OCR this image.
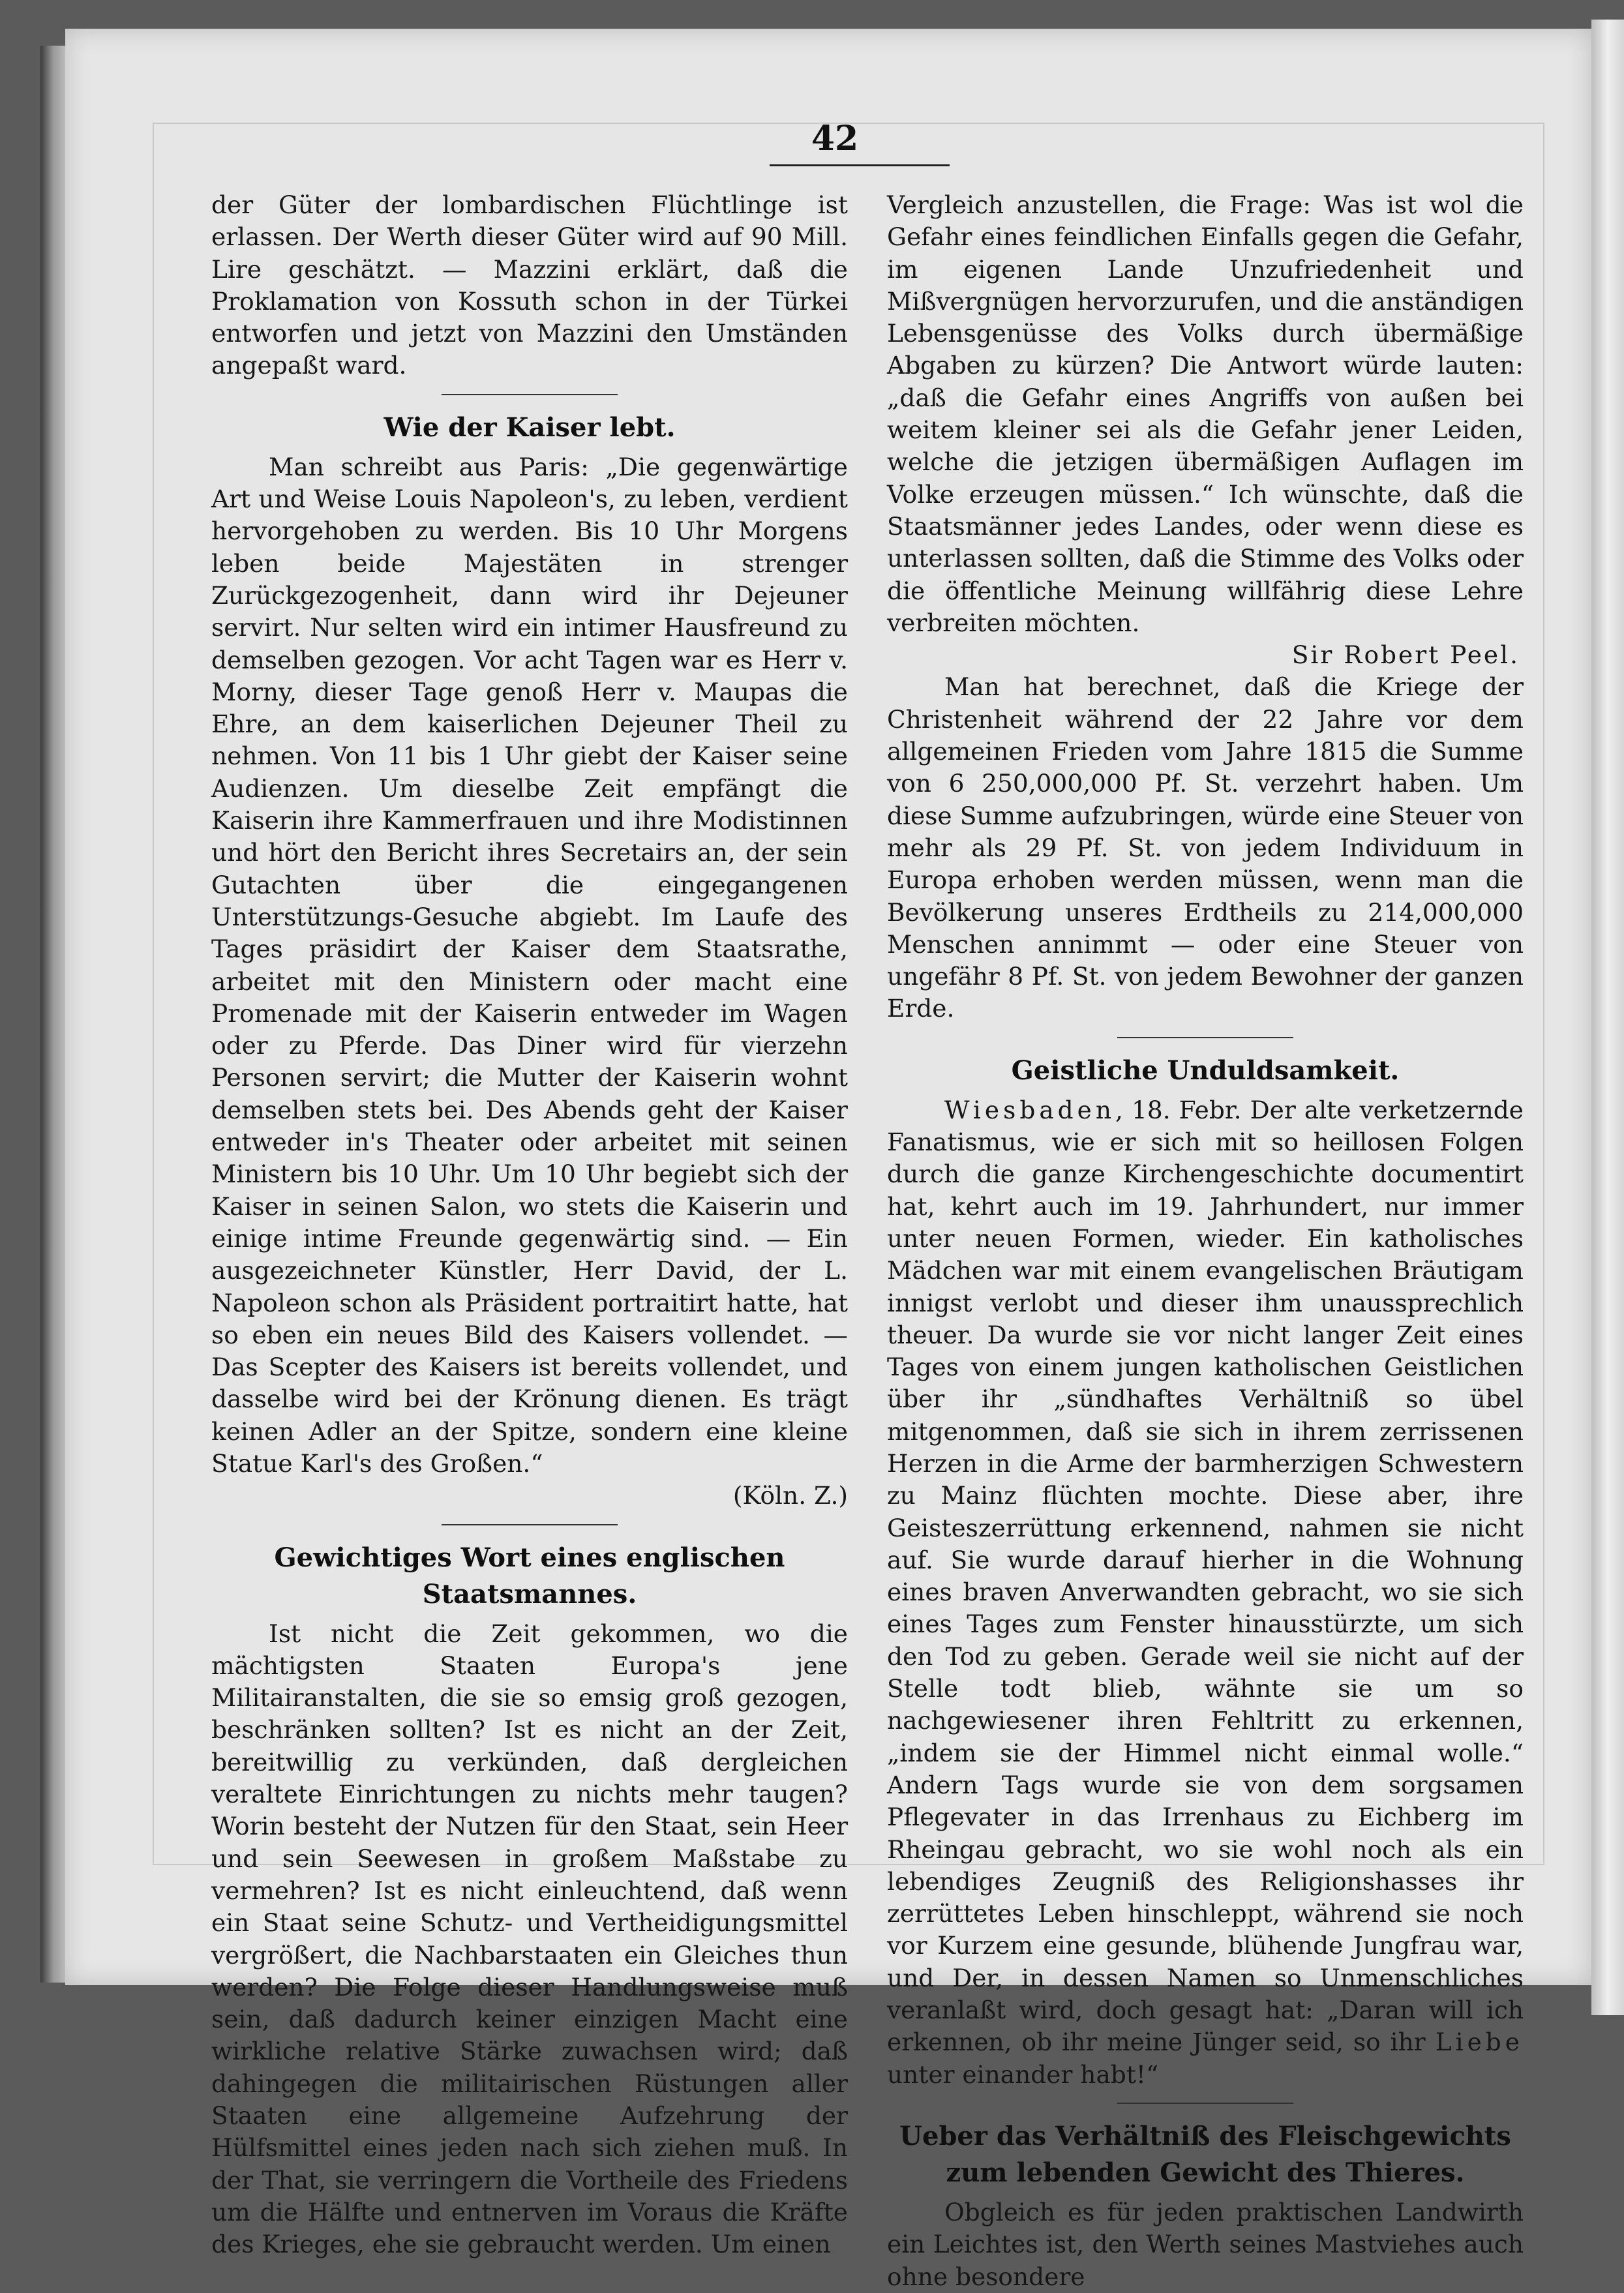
42

der Güter der lombardischen Flüchtlinge ist erlassen. Der Werth dieser Güter wird auf 90 Mill. Lire geschätzt. — Mazzini erklärt, daß die Proklamation von Kossuth schon in der Türkei entworfen und jetzt von Mazzini den Umständen angepaßt ward.

Wie der Kaiser lebt.

Man schreibt aus Paris: „Die gegenwärtige Art und Weise Louis Napoleon's, zu leben, verdient hervorgehoben zu werden. Bis 10 Uhr Morgens leben beide Majestäten in strenger Zurückgezogenheit, dann wird ihr Dejeuner servirt. Nur selten wird ein intimer Hausfreund zu demselben gezogen. Vor acht Tagen war es Herr v. Morny, dieser Tage genoß Herr v. Maupas die Ehre, an dem kaiserlichen Dejeuner Theil zu nehmen. Von 11 bis 1 Uhr giebt der Kaiser seine Audienzen. Um dieselbe Zeit empfängt die Kaiserin ihre Kammerfrauen und ihre Modistinnen und hört den Bericht ihres Secretairs an, der sein Gutachten über die eingegangenen Unterstützungs-Gesuche abgiebt. Im Laufe des Tages präsidirt der Kaiser dem Staatsrathe, arbeitet mit den Ministern oder macht eine Promenade mit der Kaiserin entweder im Wagen oder zu Pferde. Das Diner wird für vierzehn Personen servirt; die Mutter der Kaiserin wohnt demselben stets bei. Des Abends geht der Kaiser entweder in's Theater oder arbeitet mit seinen Ministern bis 10 Uhr. Um 10 Uhr begiebt sich der Kaiser in seinen Salon, wo stets die Kaiserin und einige intime Freunde gegenwärtig sind. — Ein ausgezeichneter Künstler, Herr David, der L. Napoleon schon als Präsident portraitirt hatte, hat so eben ein neues Bild des Kaisers vollendet. — Das Scepter des Kaisers ist bereits vollendet, und dasselbe wird bei der Krönung dienen. Es trägt keinen Adler an der Spitze, sondern eine kleine Statue Karl's des Großen.“

(Köln. Z.)
Gewichtiges Wort eines englischen Staatsmannes.

Ist nicht die Zeit gekommen, wo die mächtigsten Staaten Europa's jene Militairanstalten, die sie so emsig groß gezogen, beschränken sollten? Ist es nicht an der Zeit, bereitwillig zu verkünden, daß dergleichen veraltete Einrichtungen zu nichts mehr taugen? Worin besteht der Nutzen für den Staat, sein Heer und sein Seewesen in großem Maßstabe zu vermehren? Ist es nicht einleuchtend, daß wenn ein Staat seine Schutz- und Vertheidigungsmittel vergrößert, die Nachbarstaaten ein Gleiches thun werden? Die Folge dieser Handlungsweise muß sein, daß dadurch keiner einzigen Macht eine wirkliche relative Stärke zuwachsen wird; daß dahingegen die militairischen Rüstungen aller Staaten eine allgemeine Aufzehrung der Hülfsmittel eines jeden nach sich ziehen muß. In der That, sie verringern die Vortheile des Friedens um die Hälfte und entnerven im Voraus die Kräfte des Krieges, ehe sie gebraucht werden. Um einen

Vergleich anzustellen, die Frage: Was ist wol die Gefahr eines feindlichen Einfalls gegen die Gefahr, im eigenen Lande Unzufriedenheit und Mißvergnügen hervorzurufen, und die anständigen Lebensgenüsse des Volks durch übermäßige Abgaben zu kürzen? Die Antwort würde lauten: „daß die Gefahr eines Angriffs von außen bei weitem kleiner sei als die Gefahr jener Leiden, welche die jetzigen übermäßigen Auflagen im Volke erzeugen müssen.“ Ich wünschte, daß die Staatsmänner jedes Landes, oder wenn diese es unterlassen sollten, daß die Stimme des Volks oder die öffentliche Meinung willfährig diese Lehre verbreiten möchten.

Sir Robert Peel.

Man hat berechnet, daß die Kriege der Christenheit während der 22 Jahre vor dem allgemeinen Frieden vom Jahre 1815 die Summe von 6 250,000,000 Pf. St. verzehrt haben. Um diese Summe aufzubringen, würde eine Steuer von mehr als 29 Pf. St. von jedem Individuum in Europa erhoben werden müssen, wenn man die Bevölkerung unseres Erdtheils zu 214,000,000 Menschen annimmt — oder eine Steuer von ungefähr 8 Pf. St. von jedem Bewohner der ganzen Erde.

Geistliche Unduldsamkeit.

Wiesbaden, 18. Febr. Der alte verketzernde Fanatismus, wie er sich mit so heillosen Folgen durch die ganze Kirchengeschichte documentirt hat, kehrt auch im 19. Jahrhundert, nur immer unter neuen Formen, wieder. Ein katholisches Mädchen war mit einem evangelischen Bräutigam innigst verlobt und dieser ihm unaussprechlich theuer. Da wurde sie vor nicht langer Zeit eines Tages von einem jungen katholischen Geistlichen über ihr „sündhaftes Verhältniß so übel mitgenommen, daß sie sich in ihrem zerrissenen Herzen in die Arme der barmherzigen Schwestern zu Mainz flüchten mochte. Diese aber, ihre Geisteszerrüttung erkennend, nahmen sie nicht auf. Sie wurde darauf hierher in die Wohnung eines braven Anverwandten gebracht, wo sie sich eines Tages zum Fenster hinausstürzte, um sich den Tod zu geben. Gerade weil sie nicht auf der Stelle todt blieb, wähnte sie um so nachgewiesener ihren Fehltritt zu erkennen, „indem sie der Himmel nicht einmal wolle.“ Andern Tags wurde sie von dem sorgsamen Pflegevater in das Irrenhaus zu Eichberg im Rheingau gebracht, wo sie wohl noch als ein lebendiges Zeugniß des Religionshasses ihr zerrüttetes Leben hinschleppt, während sie noch vor Kurzem eine gesunde, blühende Jungfrau war, und Der, in dessen Namen so Unmenschliches veranlaßt wird, doch gesagt hat: „Daran will ich erkennen, ob ihr meine Jünger seid, so ihr Liebe unter einander habt!“

Ueber das Verhältniß des Fleischgewichts zum lebenden Gewicht des Thieres.

Obgleich es für jeden praktischen Landwirth ein Leichtes ist, den Werth seines Mastviehes auch ohne besondere
